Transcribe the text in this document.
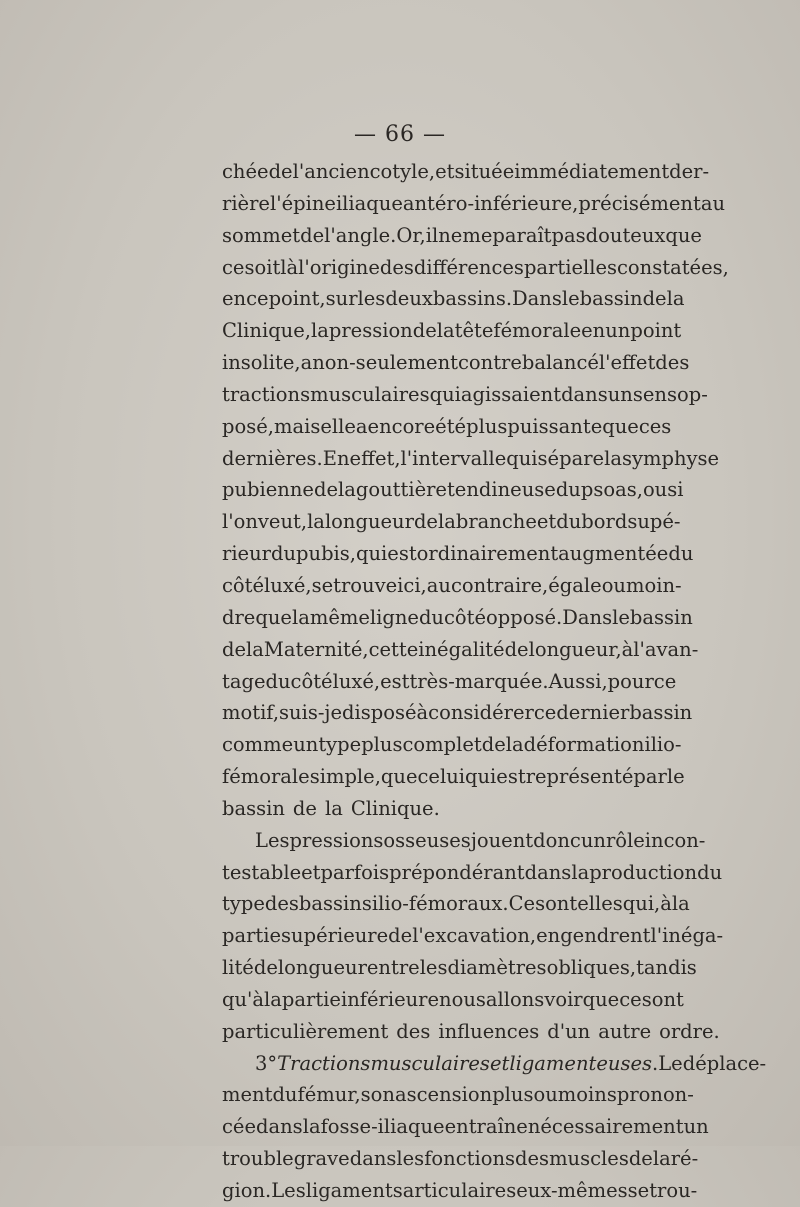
— 66 —
chée de l'ancien cotyle, et située immédiatement der-
rière l'épine iliaque antéro-inférieure, précisément au
sommet de l'angle. Or, il ne me paraît pas douteux que
ce soit là l'origine des différences partielles constatées,
en ce point, sur les deux bassins. Dans le bassin de la
Clinique, la pression de la tête fémorale en un point
insolite, a non-seulement contrebalancé l'effet des
tractions musculaires qui agissaient dans un sens op-
posé, mais elle a encore été plus puissante que ces
dernières. En effet, l'intervalle qui sépare la symphyse
pubienne de la gouttière tendineuse du psoas, ou si
l'on veut, la longueur de la branche et du bord supé-
rieur du pubis, qui est ordinairement augmentée du
côté luxé, se trouve ici, au contraire, égale ou moin-
dre que la même ligne du côté opposé. Dans le bassin
de la Maternité, cette inégalité de longueur, à l'avan-
tage du côté luxé, est très-marquée. Aussi, pour ce
motif, suis-je disposé à considérer ce dernier bassin
comme un type plus complet de la déformation ilio-
fémorale simple, que celui qui est représenté par le
bassin de la Clinique.
Les pressions osseuses jouent donc un rôle incon-
testable et parfois prépondérant dans la production du
type des bassins ilio-fémoraux. Ce sont elles qui, à la
partie supérieure de l'excavation, engendrent l'inéga-
lité de longueur entre les diamètres obliques, tandis
qu'à la partie inférieure nous allons voir que ce sont
particulièrement des influences d'un autre ordre.
3° Tractions musculaires et ligamenteuses . Le déplace-
ment du fémur, son ascension plus ou moins pronon-
cée dans la fosse-iliaque entraîne nécessairement un
trouble grave dans les fonctions des muscles de la ré-
gion. Les ligaments articulaires eux-mêmes se trou-
